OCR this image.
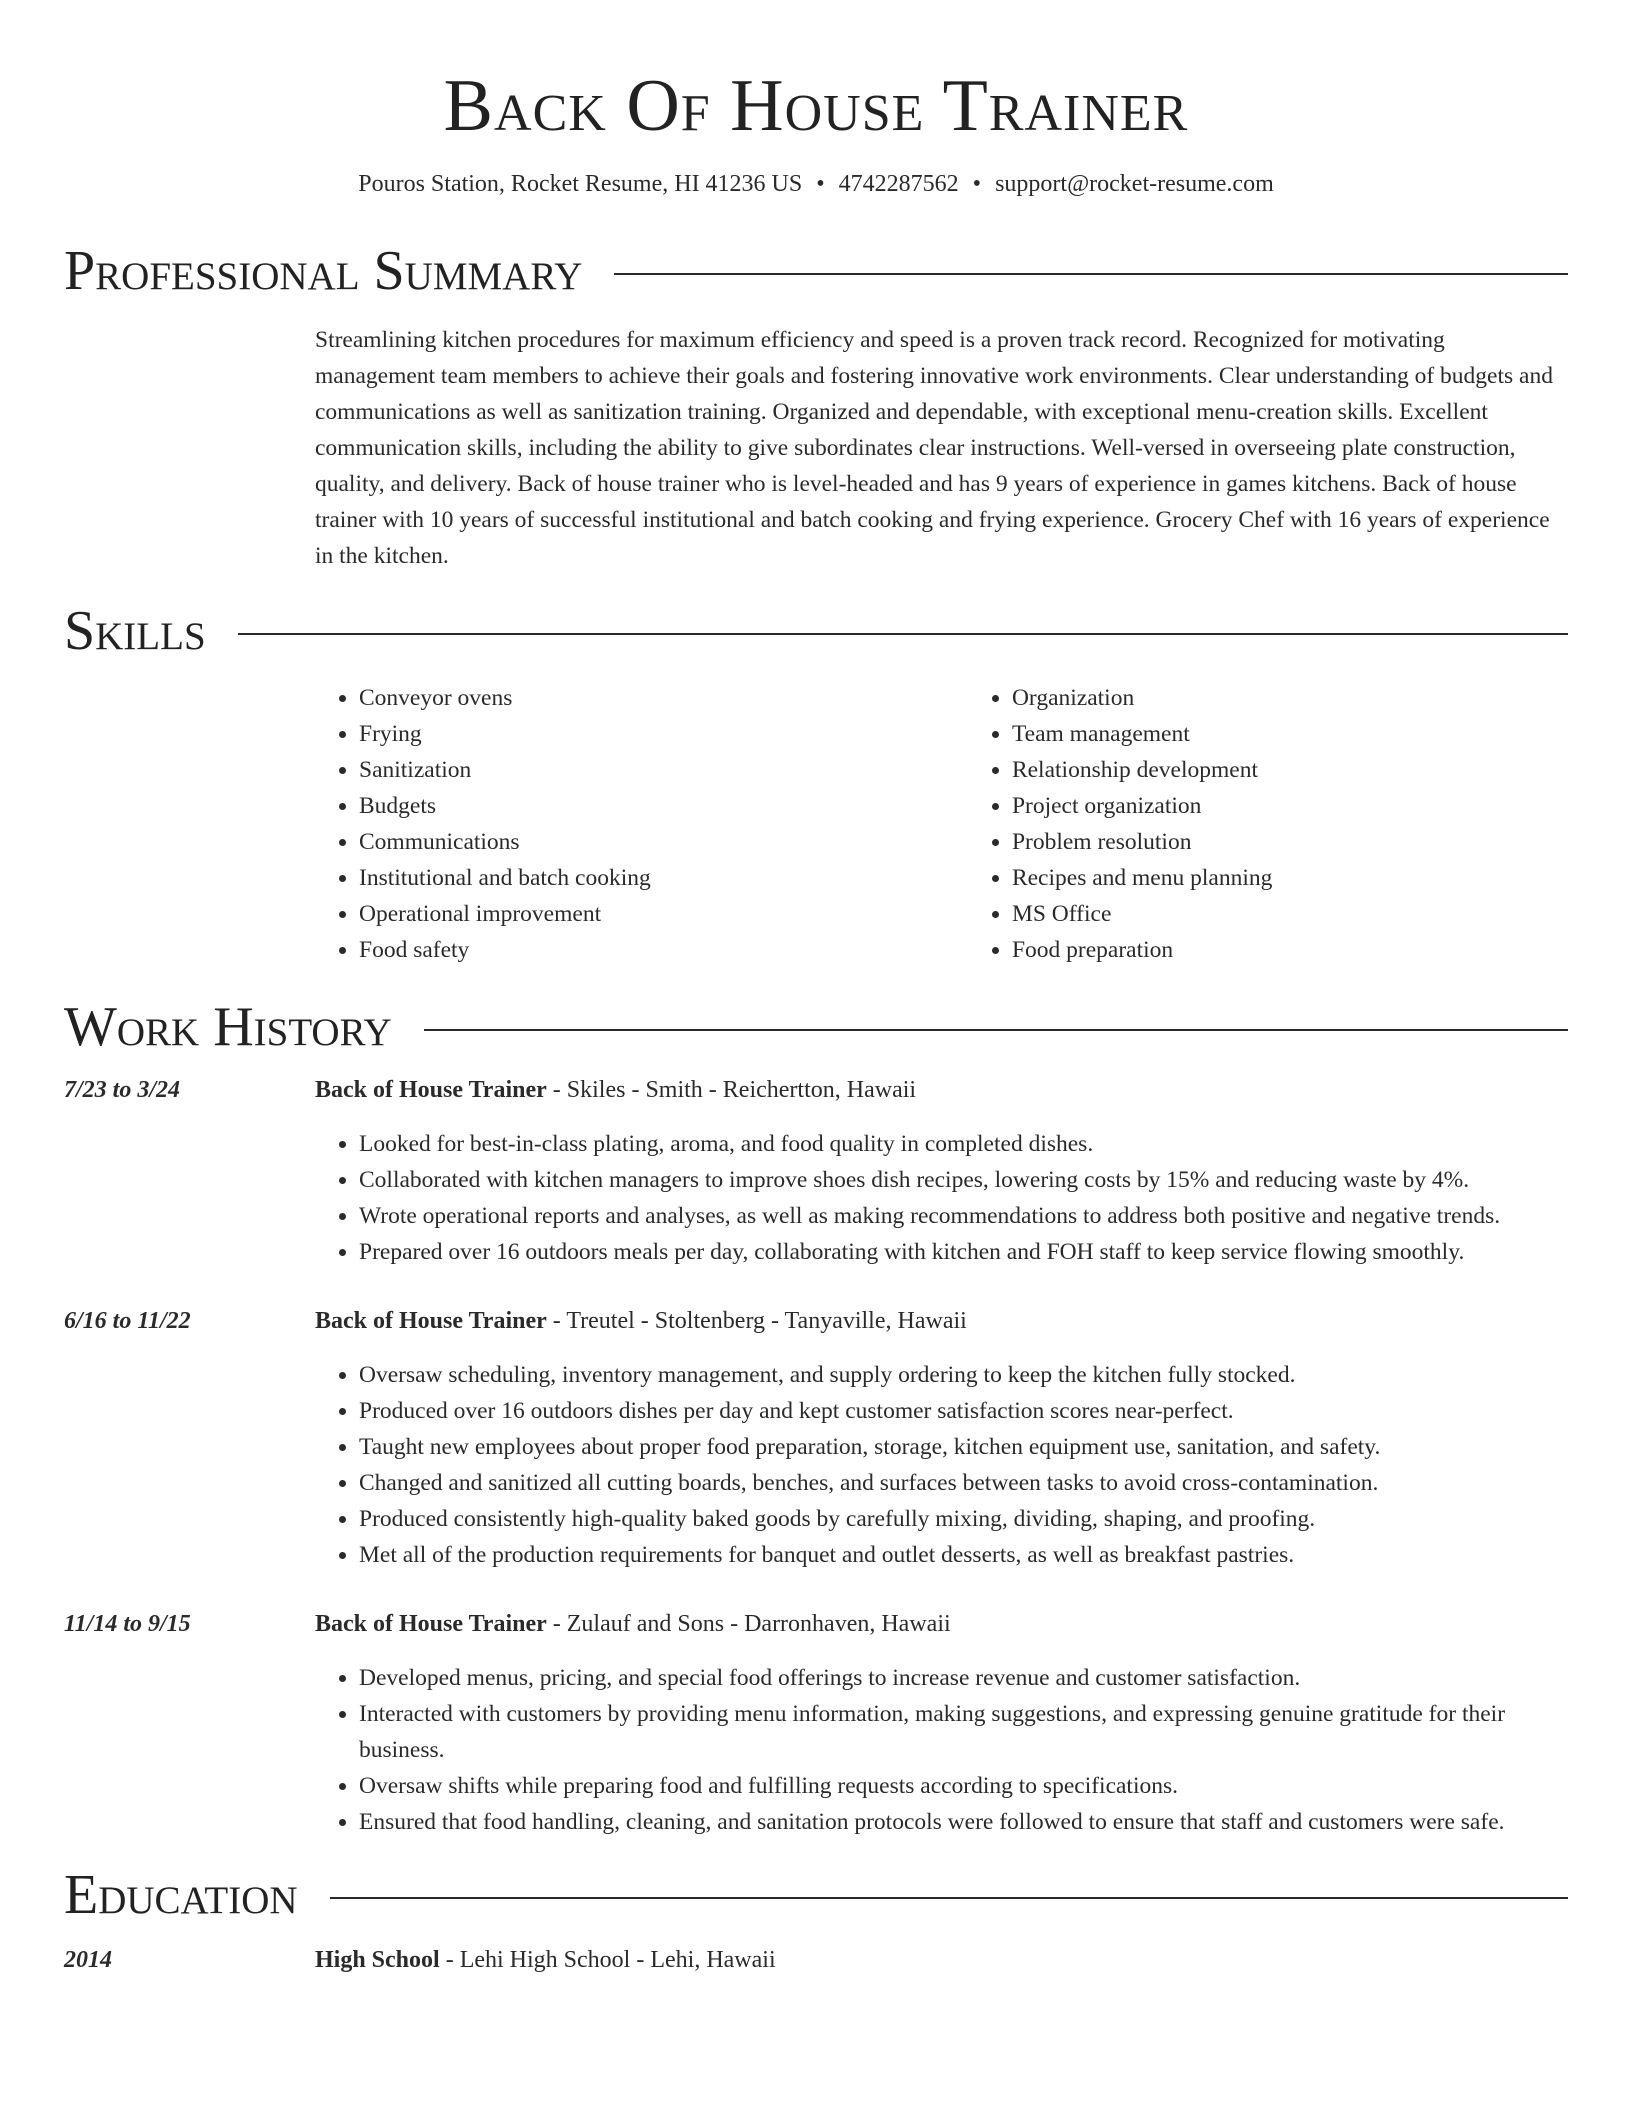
Back Of House Trainer
Pouros Station, Rocket Resume, HI 41236 US • 4742287562 • support@rocket-resume.com
Professional Summary
Streamlining kitchen procedures for maximum efficiency and speed is a proven track record. Recognized for motivating management team members to achieve their goals and fostering innovative work environments. Clear understanding of budgets and communications as well as sanitization training. Organized and dependable, with exceptional menu-creation skills. Excellent communication skills, including the ability to give subordinates clear instructions. Well-versed in overseeing plate construction, quality, and delivery. Back of house trainer who is level-headed and has 9 years of experience in games kitchens. Back of house trainer with 10 years of successful institutional and batch cooking and frying experience. Grocery Chef with 16 years of experience in the kitchen.
Skills
• Conveyor ovens
• Frying
• Sanitization
• Budgets
• Communications
• Institutional and batch cooking
• Operational improvement
• Food safety
• Organization
• Team management
• Relationship development
• Project organization
• Problem resolution
• Recipes and menu planning
• MS Office
• Food preparation
Work History
7/23 to 3/24	Back of House Trainer - Skiles - Smith - Reichertton, Hawaii
• Looked for best-in-class plating, aroma, and food quality in completed dishes.
• Collaborated with kitchen managers to improve shoes dish recipes, lowering costs by 15% and reducing waste by 4%.
• Wrote operational reports and analyses, as well as making recommendations to address both positive and negative trends.
• Prepared over 16 outdoors meals per day, collaborating with kitchen and FOH staff to keep service flowing smoothly.
6/16 to 11/22	Back of House Trainer - Treutel - Stoltenberg - Tanyaville, Hawaii
• Oversaw scheduling, inventory management, and supply ordering to keep the kitchen fully stocked.
• Produced over 16 outdoors dishes per day and kept customer satisfaction scores near-perfect.
• Taught new employees about proper food preparation, storage, kitchen equipment use, sanitation, and safety.
• Changed and sanitized all cutting boards, benches, and surfaces between tasks to avoid cross-contamination.
• Produced consistently high-quality baked goods by carefully mixing, dividing, shaping, and proofing.
• Met all of the production requirements for banquet and outlet desserts, as well as breakfast pastries.
11/14 to 9/15	Back of House Trainer - Zulauf and Sons - Darronhaven, Hawaii
• Developed menus, pricing, and special food offerings to increase revenue and customer satisfaction.
• Interacted with customers by providing menu information, making suggestions, and expressing genuine gratitude for their business.
• Oversaw shifts while preparing food and fulfilling requests according to specifications.
• Ensured that food handling, cleaning, and sanitation protocols were followed to ensure that staff and customers were safe.
Education
2014	High School - Lehi High School - Lehi, Hawaii
